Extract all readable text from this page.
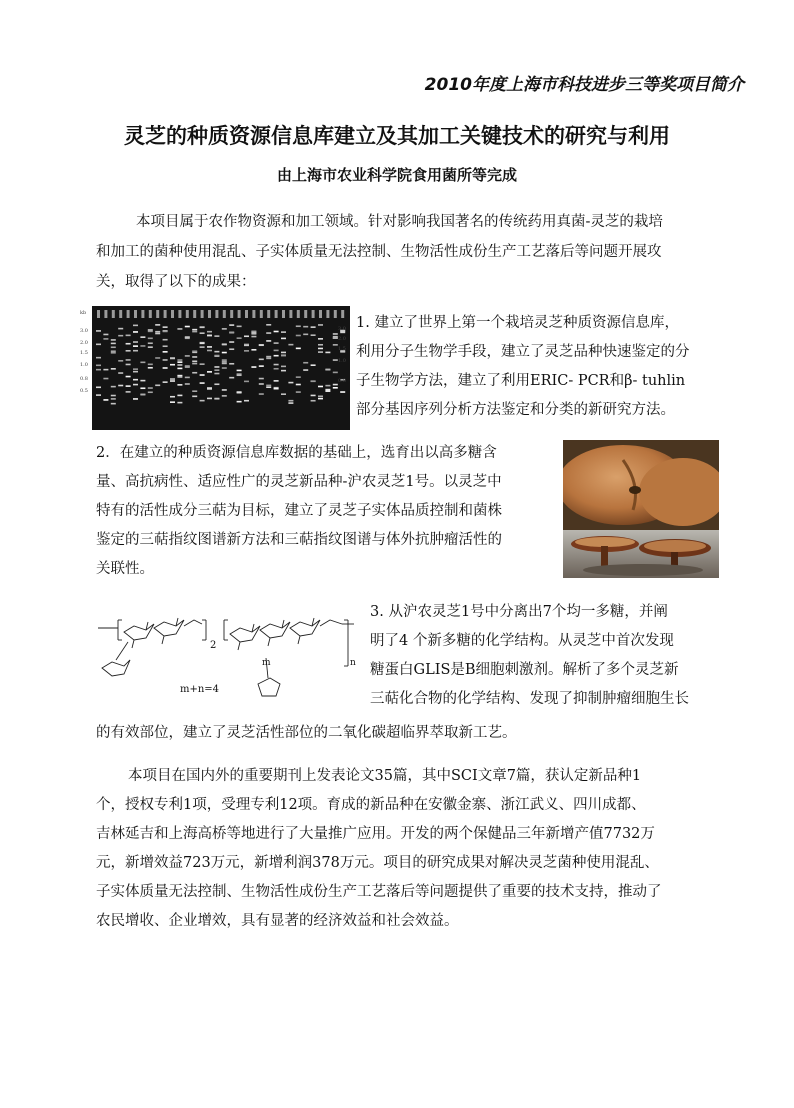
2010年度上海市科技进步三等奖项目简介
灵芝的种质资源信息库建立及其加工关键技术的研究与利用
由上海市农业科学院食用菌所等完成
本项目属于农作物资源和加工领域。针对影响我国著名的传统药用真菌-灵芝的栽培
和加工的菌种使用混乱、子实体质量无法控制、生物活性成份生产工艺落后等问题开展攻
关，取得了以下的成果：
kb
3.0
2.0
1.5
1.0
0.8
0.5
3.0
2.0
1.5
1.0
0.8
1. 建立了世界上第一个栽培灵芝种质资源信息库，
利用分子生物学手段，建立了灵芝品种快速鉴定的分
子生物学方法，建立了利用ERIC- PCR和β- tuhlin
部分基因序列分析方法鉴定和分类的新研究方法。
2．在建立的种质资源信息库数据的基础上，选育出以高多糖含
量、高抗病性、适应性广的灵芝新品种-沪农灵芝1号。以灵芝中
特有的活性成分三萜为目标，建立了灵芝子实体品质控制和菌株
鉴定的三萜指纹图谱新方法和三萜指纹图谱与体外抗肿瘤活性的
关联性。
2
m	n
m+n=4
3. 从沪农灵芝1号中分离出7个均一多糖，并阐
明了4 个新多糖的化学结构。从灵芝中首次发现
糖蛋白GLIS是B细胞刺激剂。解析了多个灵芝新
三萜化合物的化学结构、发现了抑制肿瘤细胞生长
的有效部位，建立了灵芝活性部位的二氧化碳超临界萃取新工艺。
本项目在国内外的重要期刊上发表论文35篇，其中SCI文章7篇，获认定新品种1
个，授权专利1项，受理专利12项。育成的新品种在安徽金寨、浙江武义、四川成都、
吉林延吉和上海高桥等地进行了大量推广应用。开发的两个保健品三年新增产值7732万
元，新增效益723万元，新增利润378万元。项目的研究成果对解决灵芝菌种使用混乱、
子实体质量无法控制、生物活性成份生产工艺落后等问题提供了重要的技术支持，推动了
农民增收、企业增效，具有显著的经济效益和社会效益。
